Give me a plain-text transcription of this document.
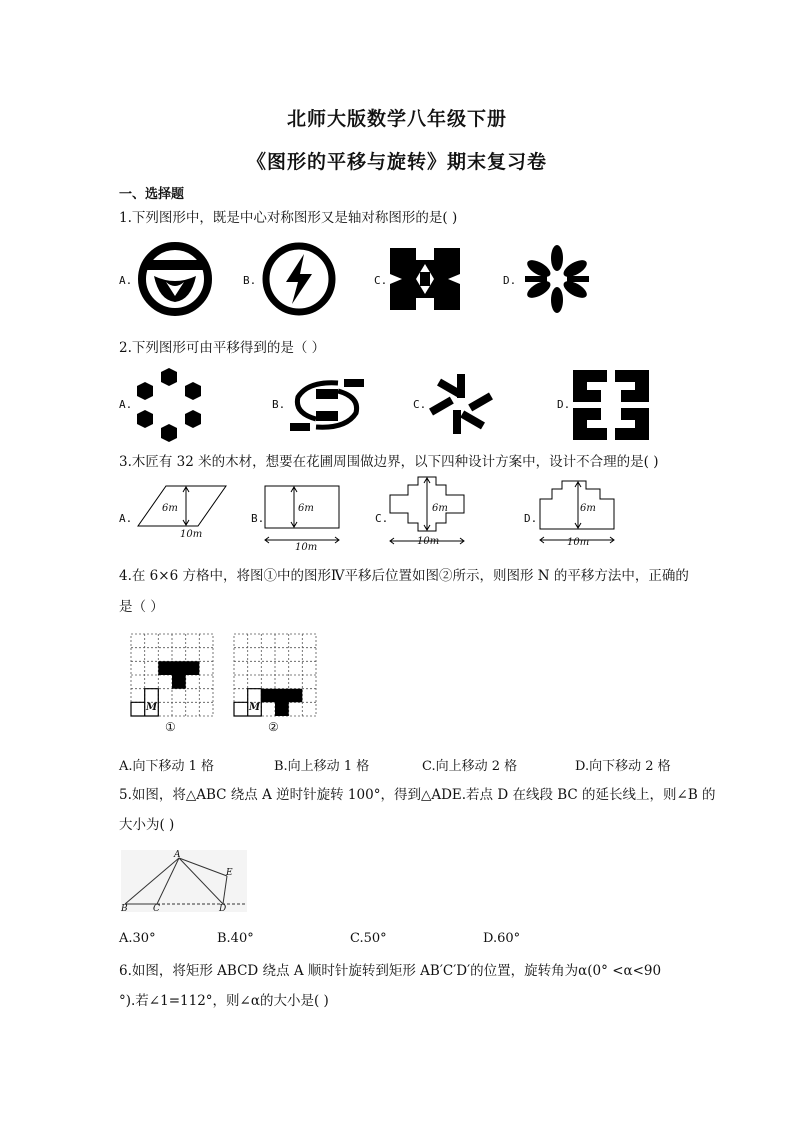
北师大版数学八年级下册
《图形的平移与旋转》期末复习卷
一、选择题
1.下列图形中，既是中心对称图形又是轴对称图形的是( )
A.	B.	C.	D.
2.下列图形可由平移得到的是（ ）
A.	B.	C.	D.
3.木匠有 32 米的木材，想要在花圃周围做边界，以下四种设计方案中，设计不合理的是( )
A.
6m
10m
B.
6m
10m
C.
6m
10m
D.
6m
10m
4.在 6×6 方格中，将图①中的图形Ⅳ平移后位置如图②所示，则图形 N 的平移方法中，正确的
是（ ）
M
①
M
②
A.向下移动 1 格	B.向上移动 1 格	C.向上移动 2 格	D.向下移动 2 格
5.如图，将△ABC 绕点 A 逆时针旋转 100°，得到△ADE.若点 D 在线段 BC 的延长线上，则∠B 的
大小为( )
A
B	C	D
E
A.30°	B.40°	C.50°	D.60°
6.如图，将矩形 ABCD 绕点 A 顺时针旋转到矩形 AB′C′D′的位置，旋转角为α(0° <α<90
°).若∠1=112°，则∠α的大小是( )
